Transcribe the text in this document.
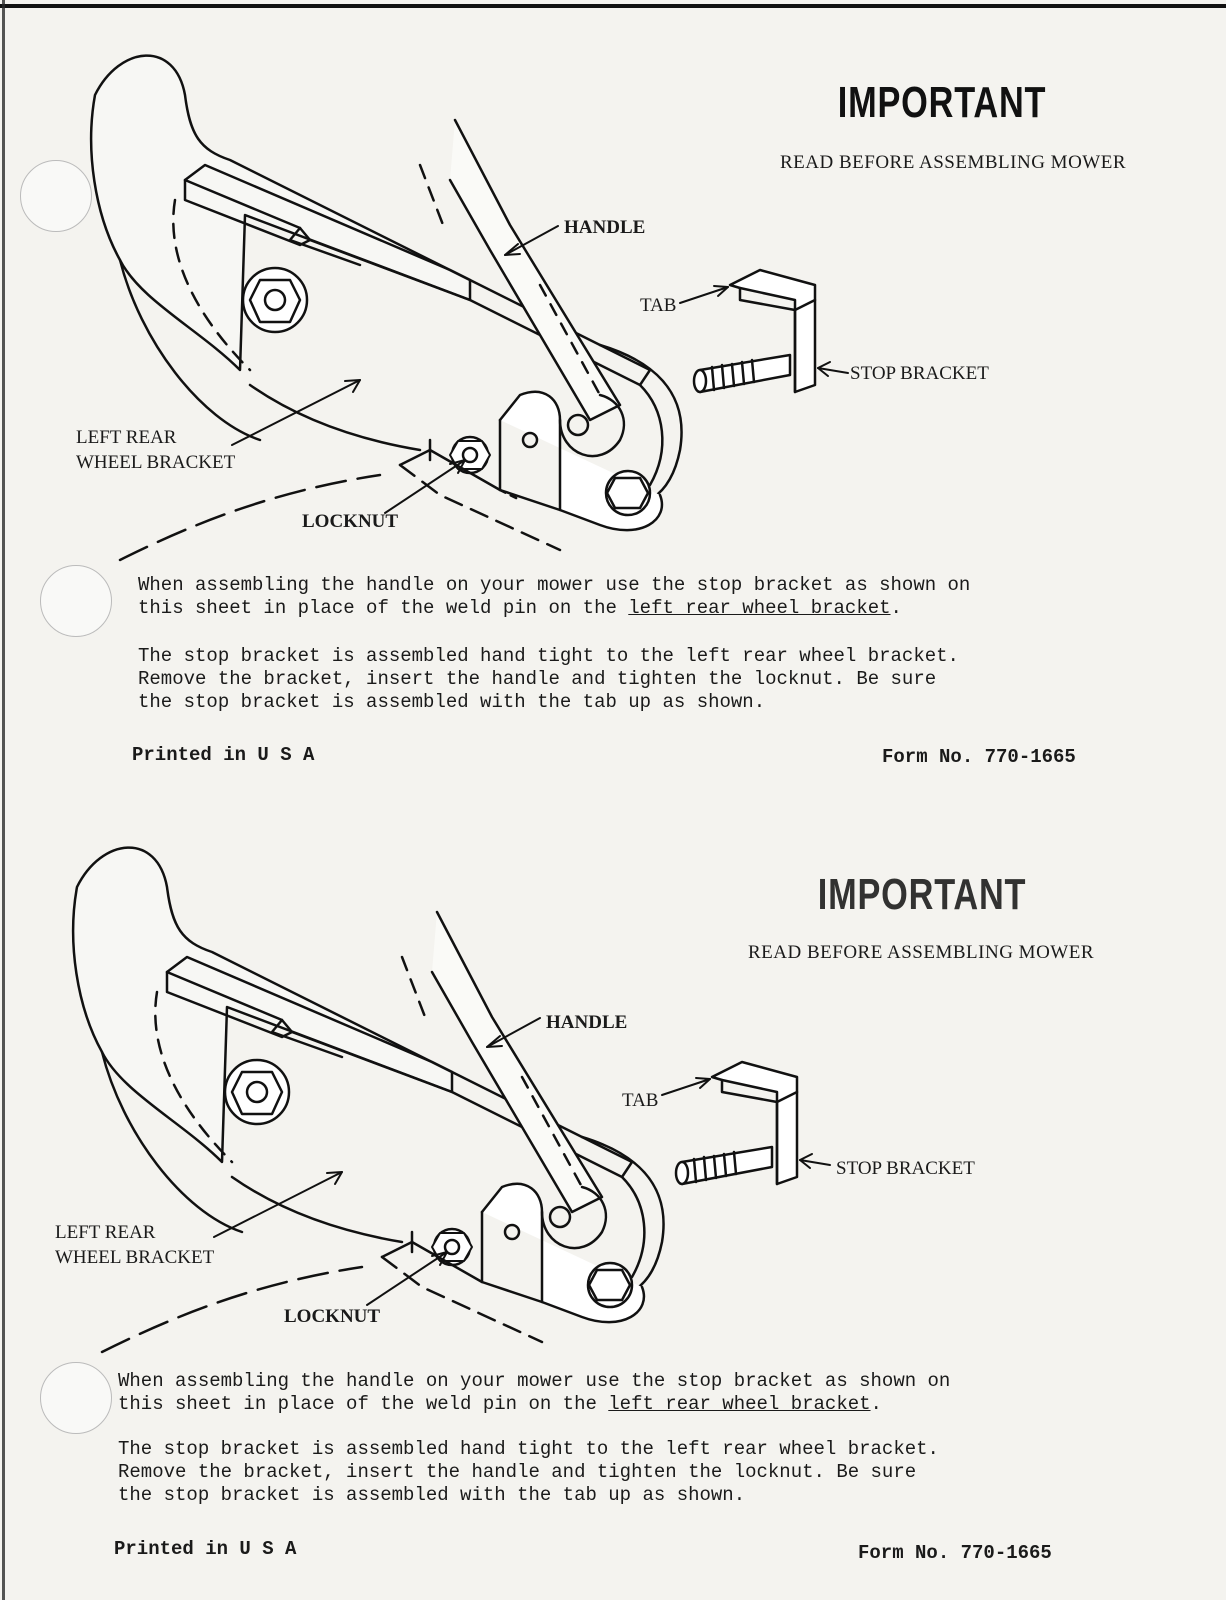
IMPORTANT
READ BEFORE ASSEMBLING MOWER
HANDLE
TAB
STOP BRACKET
LEFT REAR
WHEEL BRACKET
LOCKNUT
When assembling the handle on your mower use the stop bracket as shown on
this sheet in place of the weld pin on the left rear wheel bracket.
The stop bracket is assembled hand tight to the left rear wheel bracket.
Remove the bracket, insert the handle and tighten the locknut. Be sure
the stop bracket is assembled with the tab up as shown.
Printed in U S A	Form No. 770-1665
IMPORTANT
READ BEFORE ASSEMBLING MOWER
HANDLE
TAB
STOP BRACKET
LEFT REAR
WHEEL BRACKET
LOCKNUT
When assembling the handle on your mower use the stop bracket as shown on
this sheet in place of the weld pin on the left rear wheel bracket.
The stop bracket is assembled hand tight to the left rear wheel bracket.
Remove the bracket, insert the handle and tighten the locknut. Be sure
the stop bracket is assembled with the tab up as shown.
Printed in U S A	Form No. 770-1665
